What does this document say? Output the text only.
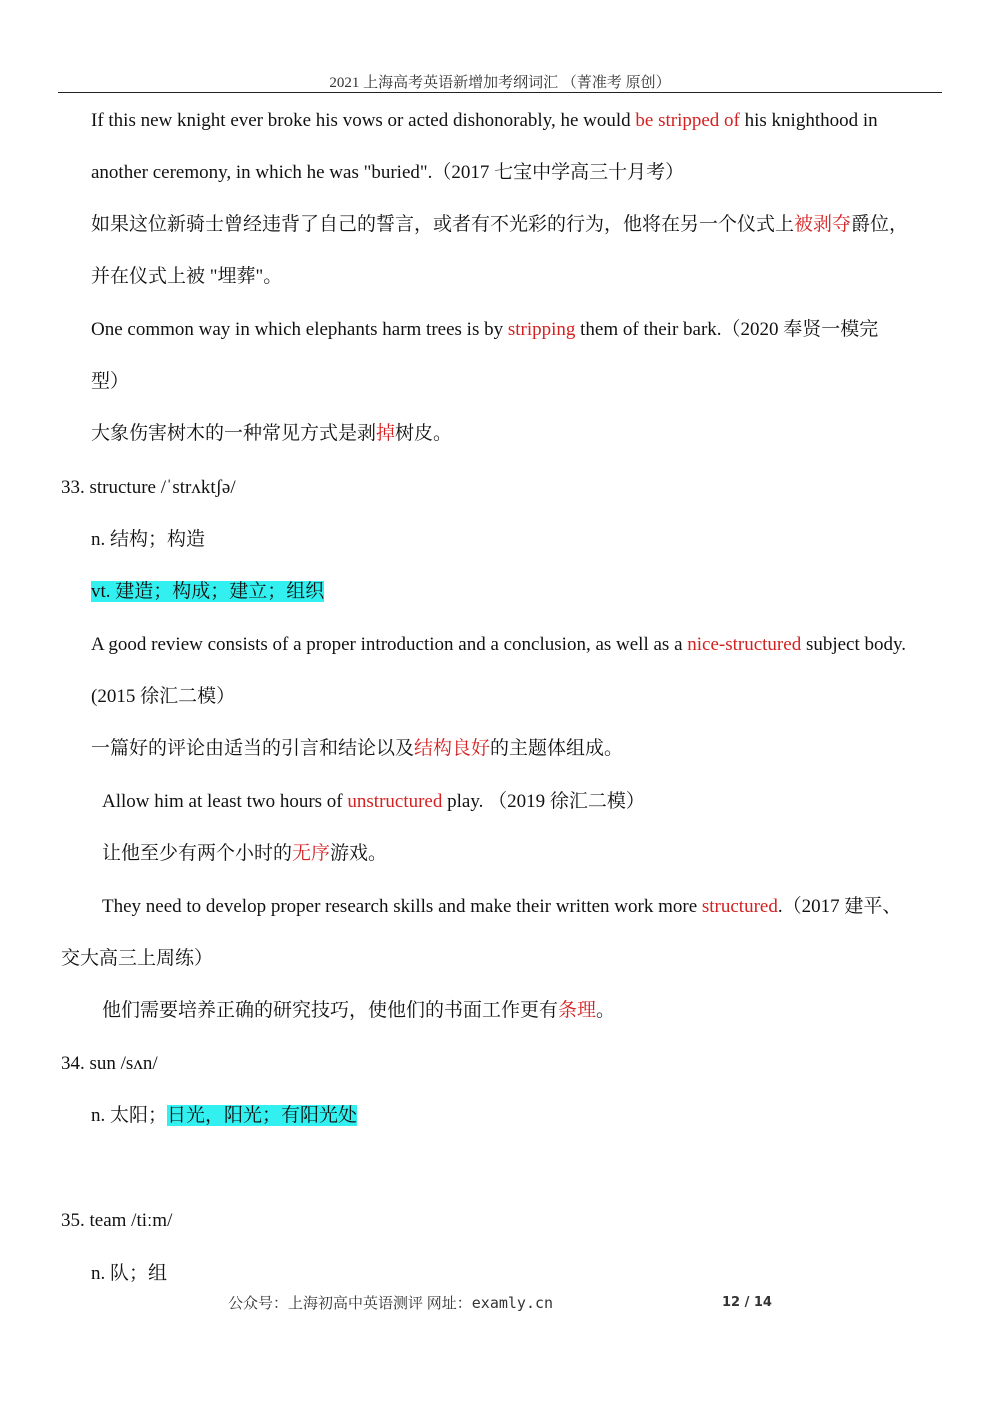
2021 上海高考英语新增加考纲词汇 （菁准考 原创）
If this new knight ever broke his vows or acted dishonorably, he would be stripped of his knighthood in
another ceremony, in which he was "buried".（2017 七宝中学高三十月考）
如果这位新骑士曾经违背了自己的誓言，或者有不光彩的行为，他将在另一个仪式上被剥夺爵位，
并在仪式上被 "埋葬"。
One common way in which elephants harm trees is by stripping them of their bark.（2020 奉贤一模完
型）
大象伤害树木的一种常见方式是剥掉树皮。
33. structure /ˈstrʌktʃə/
n. 结构；构造
vt. 建造；构成；建立；组织
A good review consists of a proper introduction and a conclusion, as well as a nice-structured subject body.
(2015 徐汇二模）
一篇好的评论由适当的引言和结论以及结构良好的主题体组成。
Allow him at least two hours of unstructured play. （2019 徐汇二模）
让他至少有两个小时的无序游戏。
They need to develop proper research skills and make their written work more structured.（2017 建平、
交大高三上周练）
他们需要培养正确的研究技巧，使他们的书面工作更有条理。
34. sun /sʌn/
n. 太阳；日光，阳光；有阳光处
35. team /tiːm/
n. 队；组
公众号：上海初高中英语测评 网址：examly.cn	12 / 14
